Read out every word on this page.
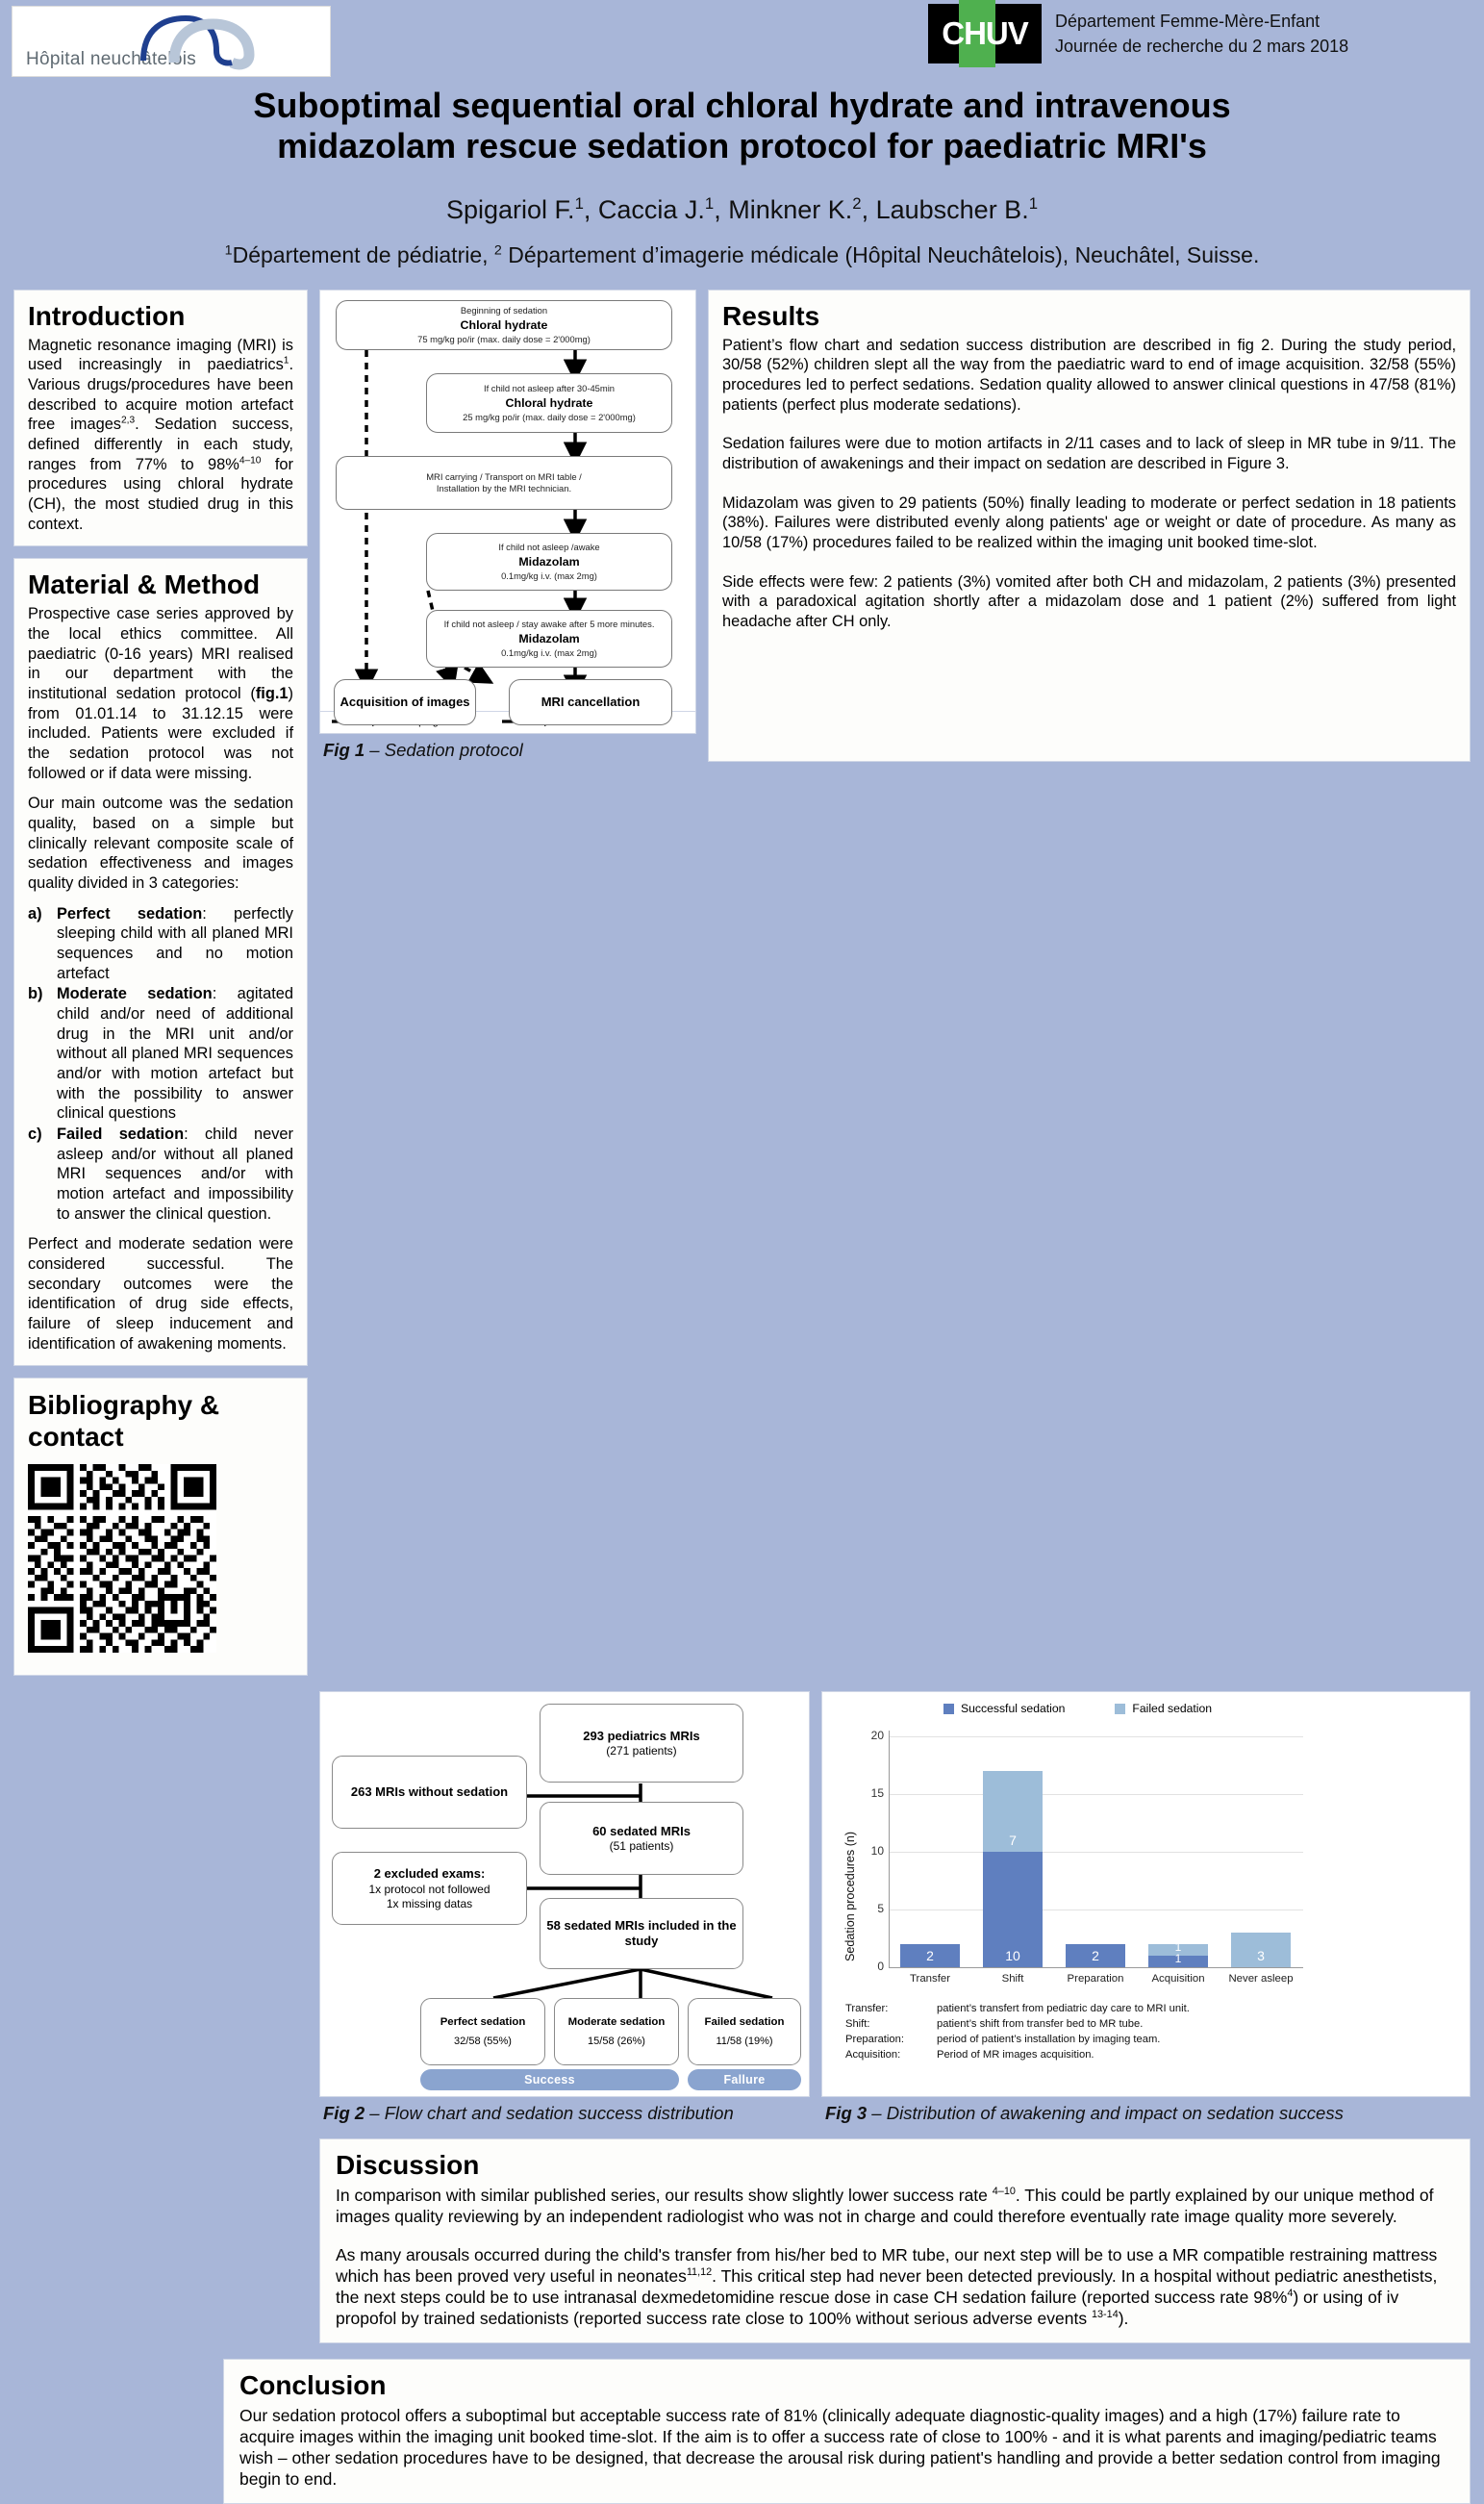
Hôpital neuchâtelois
CHUV	Département Femme-Mère-Enfant
Journée de recherche du 2 mars 2018
Suboptimal sequential oral chloral hydrate and intravenous
midazolam rescue sedation protocol for paediatric MRI's
Spigariol F.$^1$, Caccia J.$^1$, Minkner K.$^2$, Laubscher B.$^1$
$^1$Département de pédiatrie, $^2$ Département d’imagerie médicale (Hôpital Neuchâtelois), Neuchâtel, Suisse.
Introduction

Magnetic resonance imaging (MRI) is used increasingly in paediatrics$^1$. Various drugs/procedures have been described to acquire motion artefact free images$^{2,3}$. Sedation success, defined differently in each study, ranges from 77% to 98%$^{4-10}$ for procedures using chloral hydrate (CH), the most studied drug in this context.

Material & Method

Prospective case series approved by the local ethics committee. All paediatric (0-16 years) MRI realised in our department with the institutional sedation protocol (fig.1) from 01.01.14 to 31.12.15 were included. Patients were excluded if the sedation protocol was not followed or if data were missing.

Our main outcome was the sedation quality, based on a simple but clinically relevant composite scale of sedation effectiveness and images quality divided in 3 categories:

a) Perfect sedation: perfectly sleeping child with all planed MRI sequences and no motion artefact
b) Moderate sedation: agitated child and/or need of additional drug in the MRI unit and/or without all planed MRI sequences and/or with motion artefact but with the possibility to answer clinical questions
c) Failed sedation: child never asleep and/or without all planed MRI sequences and/or with motion artefact and impossibility to answer the clinical question.

Perfect and moderate sedation were considered successful. The secondary outcomes were the identification of drug side effects, failure of sleep inducement and identification of awakening moments.

Bibliography &
contact
Beginning of sedation
Chloral hydrate
75 mg/kg po/ir (max. daily dose = 2'000mg)
If child not asleep after 30-45min
Chloral hydrate
25 mg/kg po/ir (max. daily dose = 2'000mg)
MRI carrying / Transport on MRI table /
Installation by the MRI technician.
If child not asleep /awake
Midazolam
0.1mg/kg i.v. (max 2mg)
If child not asleep / stay awake after 5 more minutes.
Midazolam
0.1mg/kg i.v. (max 2mg)
Acquisition of images	MRI cancellation
Fig 1 – Sedation protocol
Results

Patient’s flow chart and sedation success distribution are described in fig 2. During the study period, 30/58 (52%) children slept all the way from the paediatric ward to end of image acquisition. 32/58 (55%) procedures led to perfect sedations. Sedation quality allowed to answer clinical questions in 47/58 (81%) patients (perfect plus moderate sedations).

Sedation failures were due to motion artifacts in 2/11 cases and to lack of sleep in MR tube in 9/11. The distribution of awakenings and their impact on sedation are described in Figure 3.

Midazolam was given to 29 patients (50%) finally leading to moderate or perfect sedation in 18 patients (38%). Failures were distributed evenly along patients' age or weight or date of procedure. As many as 10/58 (17%) procedures failed to be realized within the imaging unit booked time-slot.

Side effects were few: 2 patients (3%) vomited after both CH and midazolam, 2 patients (3%) presented with a paradoxical agitation shortly after a midazolam dose and 1 patient (2%) suffered from light headache after CH only.

293 pediatrics MRIs
(271 patients)
263 MRIs without sedation
60 sedated MRIs
(51 patients)
2 excluded exams:
1x protocol not followed
1x missing datas
58 sedated MRIs included in the study
Perfect sedation
32/58 (55%)
Moderate sedation
15/58 (26%)
Failed sedation
11/58 (19%)
Success	Fallure
Fig 2 – Flow chart and sedation success distribution
Successful sedation	Failed sedation
Sedation procedures (n)
20
15
10
5
0
2
7
10	2
1
1	3
Transfer	Shift	Preparation	Acquisition	Never asleep
Transfer:	patient’s transfert from pediatric day care to MRI unit.
Shift:	patient’s shift from transfer bed to MR tube.
Preparation:	period of patient’s installation by imaging team.
Acquisition:	Period of MR images acquisition.
Fig 3 – Distribution of awakening and impact on sedation success
Discussion

In comparison with similar published series, our results show slightly lower success rate $^{4-10}$. This could be partly explained by our unique method of images quality reviewing by an independent radiologist who was not in charge and could therefore eventually rate image quality more severely.

As many arousals occurred during the child's transfer from his/her bed to MR tube, our next step will be to use a MR compatible restraining mattress which has been proved very useful in neonates$^{11,12}$. This critical step had never been detected previously. In a hospital without pediatric anesthetists, the next steps could be to use intranasal dexmedetomidine rescue dose in case CH sedation failure (reported success rate 98%$^4$) or using of iv propofol by trained sedationists (reported success rate close to 100% without serious adverse events $^{13-14}$).

Conclusion

Our sedation protocol offers a suboptimal but acceptable success rate of 81% (clinically adequate diagnostic-quality images) and a high (17%) failure rate to acquire images within the imaging unit booked time-slot. If the aim is to offer a success rate of close to 100% - and it is what parents and imaging/pediatric teams wish – other sedation procedures have to be designed, that decrease the arousal risk during patient's handling and provide a better sedation control from imaging begin to end.
